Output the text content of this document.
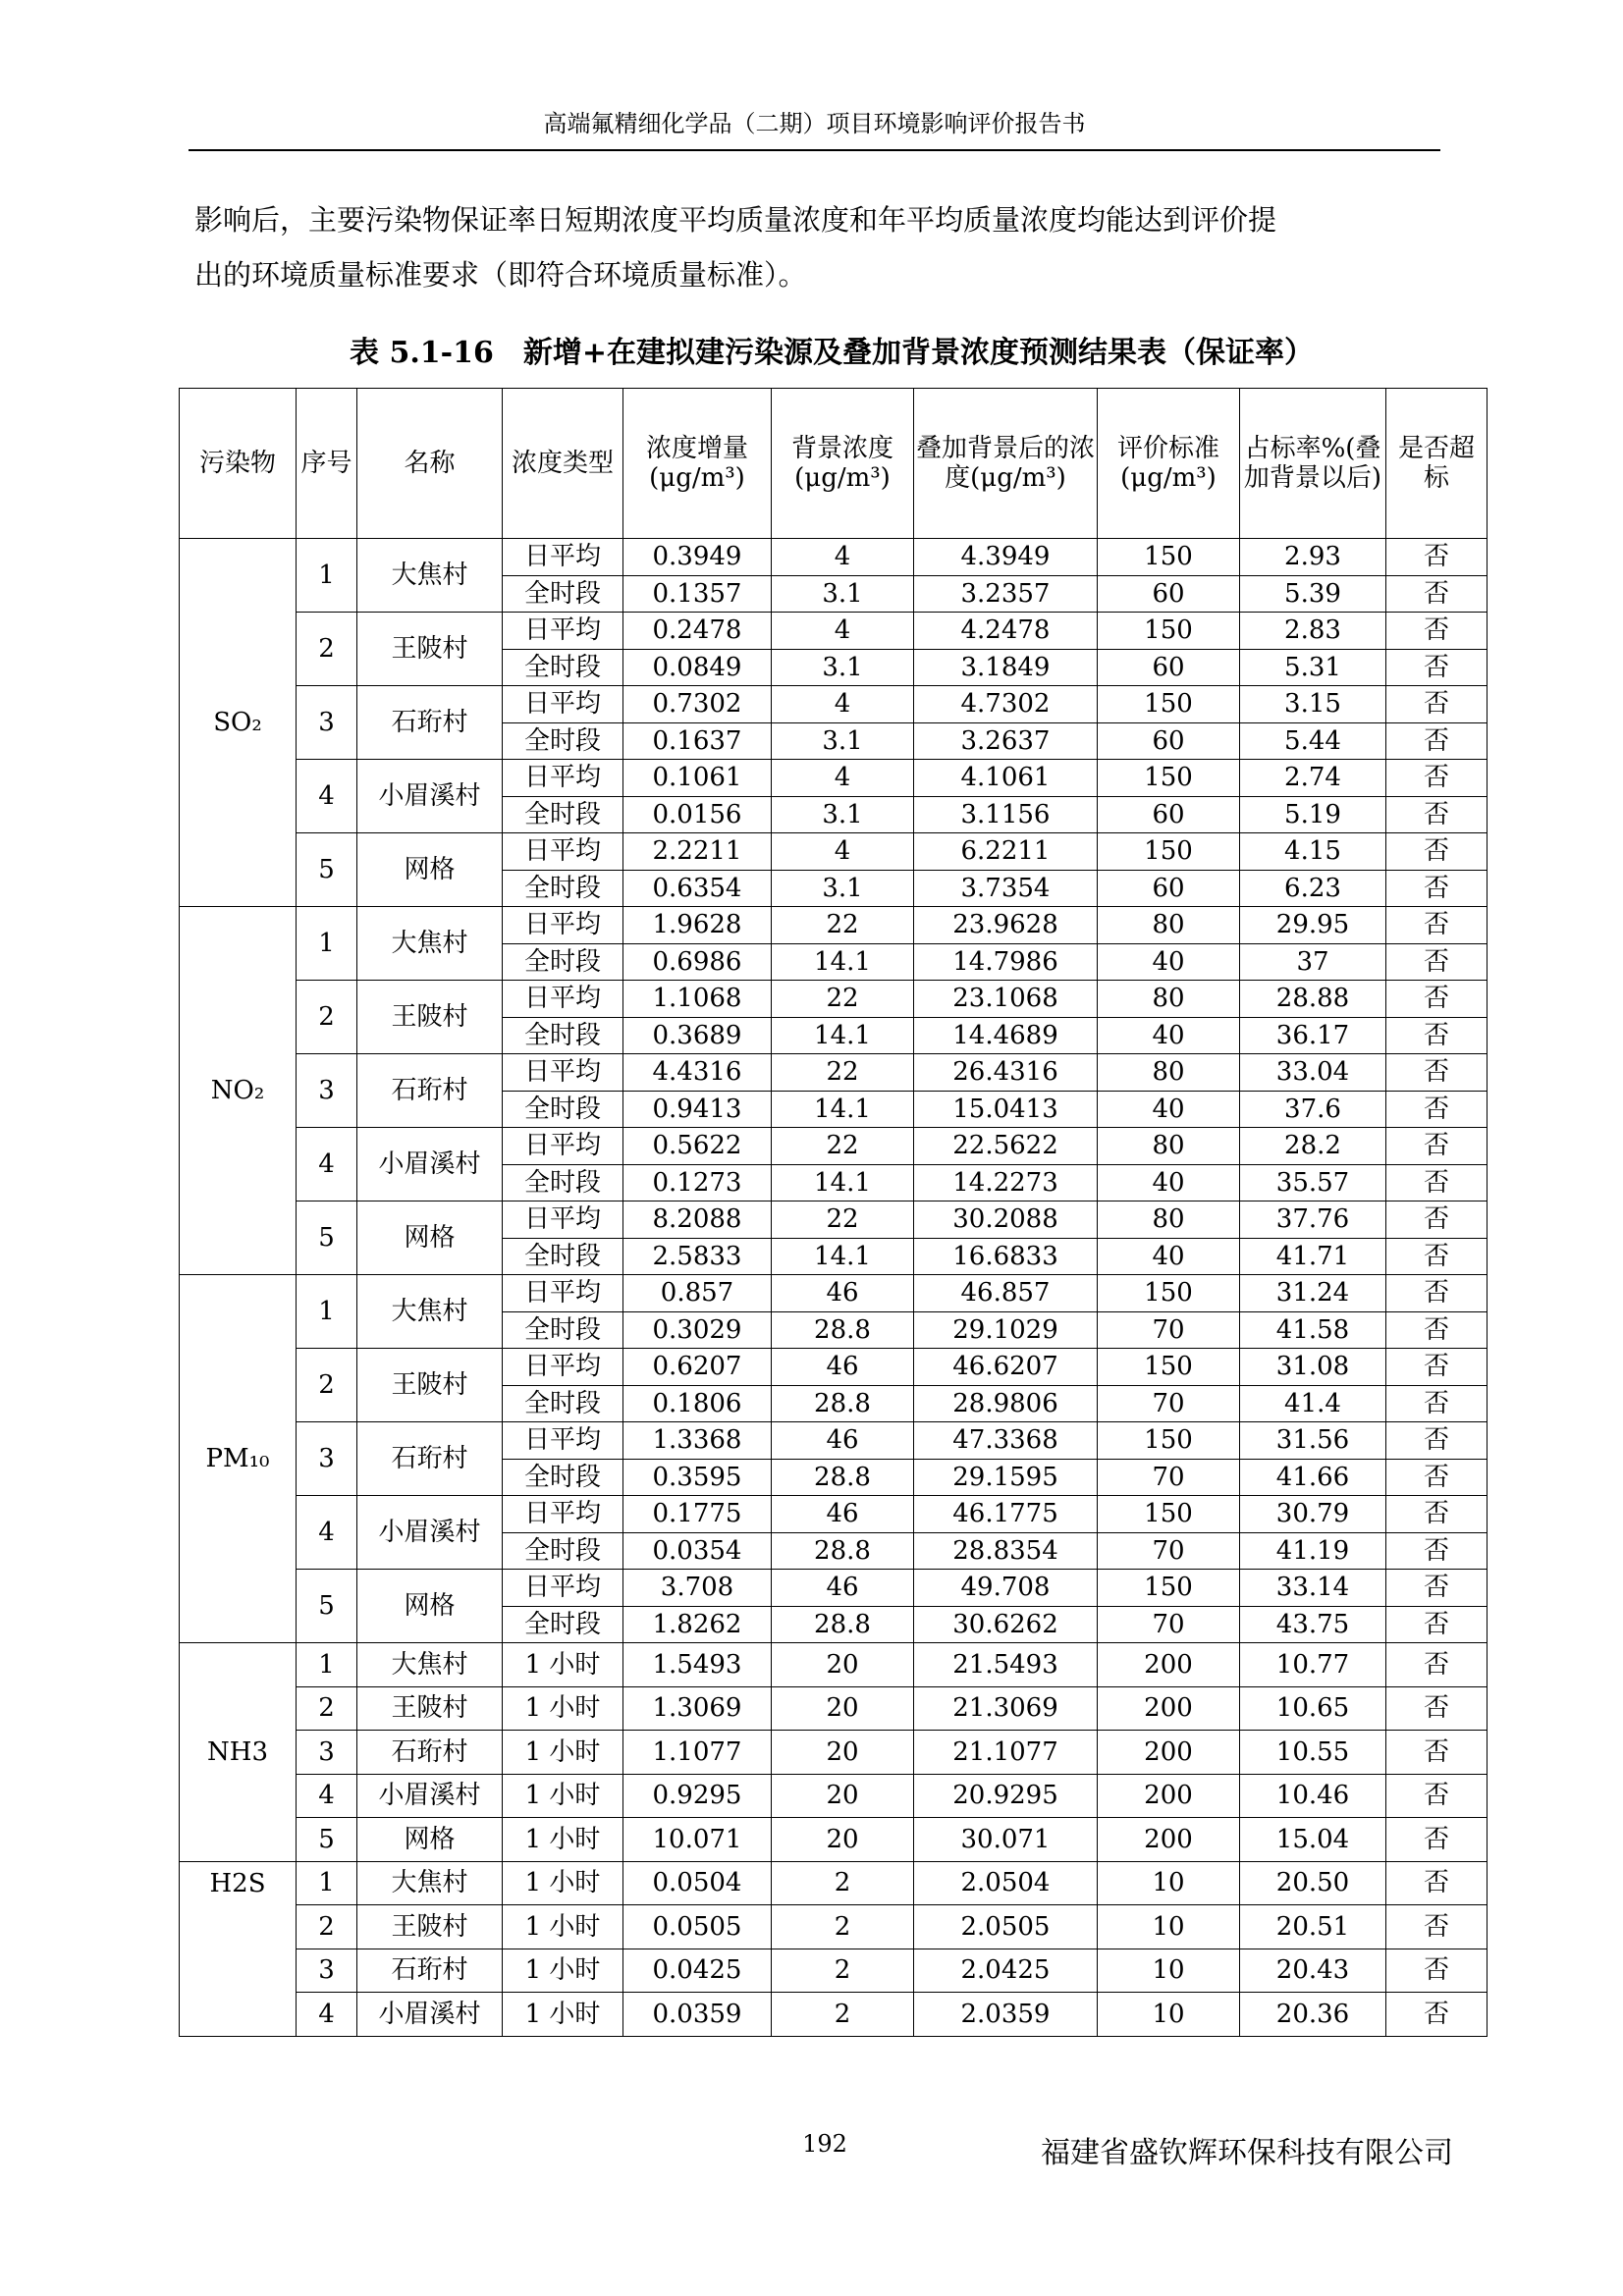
高端氟精细化学品（二期）项目环境影响评价报告书

影响后，主要污染物保证率日短期浓度平均质量浓度和年平均质量浓度均能达到评价提

出的环境质量标准要求（即符合环境质量标准）。

表 5.1-16　新增+在建拟建污染源及叠加背景浓度预测结果表（保证率）
污染物	序号	名称	浓度类型	浓度增量(μg/m³)	背景浓度(μg/m³)	叠加背景后的浓度(μg/m³)	评价标准(μg/m³)	占标率%(叠加背景以后)	是否超标
SO₂	1	大焦村	日平均	0.3949	4	4.3949	150	2.93	否
			全时段	0.1357	3.1	3.2357	60	5.39	否
	2	王陂村	日平均	0.2478	4	4.2478	150	2.83	否
			全时段	0.0849	3.1	3.1849	60	5.31	否
	3	石珩村	日平均	0.7302	4	4.7302	150	3.15	否
			全时段	0.1637	3.1	3.2637	60	5.44	否
	4	小眉溪村	日平均	0.1061	4	4.1061	150	2.74	否
			全时段	0.0156	3.1	3.1156	60	5.19	否
	5	网格	日平均	2.2211	4	6.2211	150	4.15	否
			全时段	0.6354	3.1	3.7354	60	6.23	否
NO₂	1	大焦村	日平均	1.9628	22	23.9628	80	29.95	否
			全时段	0.6986	14.1	14.7986	40	37	否
	2	王陂村	日平均	1.1068	22	23.1068	80	28.88	否
			全时段	0.3689	14.1	14.4689	40	36.17	否
	3	石珩村	日平均	4.4316	22	26.4316	80	33.04	否
			全时段	0.9413	14.1	15.0413	40	37.6	否
	4	小眉溪村	日平均	0.5622	22	22.5622	80	28.2	否
			全时段	0.1273	14.1	14.2273	40	35.57	否
	5	网格	日平均	8.2088	22	30.2088	80	37.76	否
			全时段	2.5833	14.1	16.6833	40	41.71	否
PM₁₀	1	大焦村	日平均	0.857	46	46.857	150	31.24	否
			全时段	0.3029	28.8	29.1029	70	41.58	否
	2	王陂村	日平均	0.6207	46	46.6207	150	31.08	否
			全时段	0.1806	28.8	28.9806	70	41.4	否
	3	石珩村	日平均	1.3368	46	47.3368	150	31.56	否
			全时段	0.3595	28.8	29.1595	70	41.66	否
	4	小眉溪村	日平均	0.1775	46	46.1775	150	30.79	否
			全时段	0.0354	28.8	28.8354	70	41.19	否
	5	网格	日平均	3.708	46	49.708	150	33.14	否
			全时段	1.8262	28.8	30.6262	70	43.75	否
NH3	1	大焦村	1 小时	1.5493	20	21.5493	200	10.77	否
	2	王陂村	1 小时	1.3069	20	21.3069	200	10.65	否
	3	石珩村	1 小时	1.1077	20	21.1077	200	10.55	否
	4	小眉溪村	1 小时	0.9295	20	20.9295	200	10.46	否
	5	网格	1 小时	10.071	20	30.071	200	15.04	否
H2S	1	大焦村	1 小时	0.0504	2	2.0504	10	20.50	否
	2	王陂村	1 小时	0.0505	2	2.0505	10	20.51	否
	3	石珩村	1 小时	0.0425	2	2.0425	10	20.43	否
	4	小眉溪村	1 小时	0.0359	2	2.0359	10	20.36	否
192	福建省盛钦辉环保科技有限公司
